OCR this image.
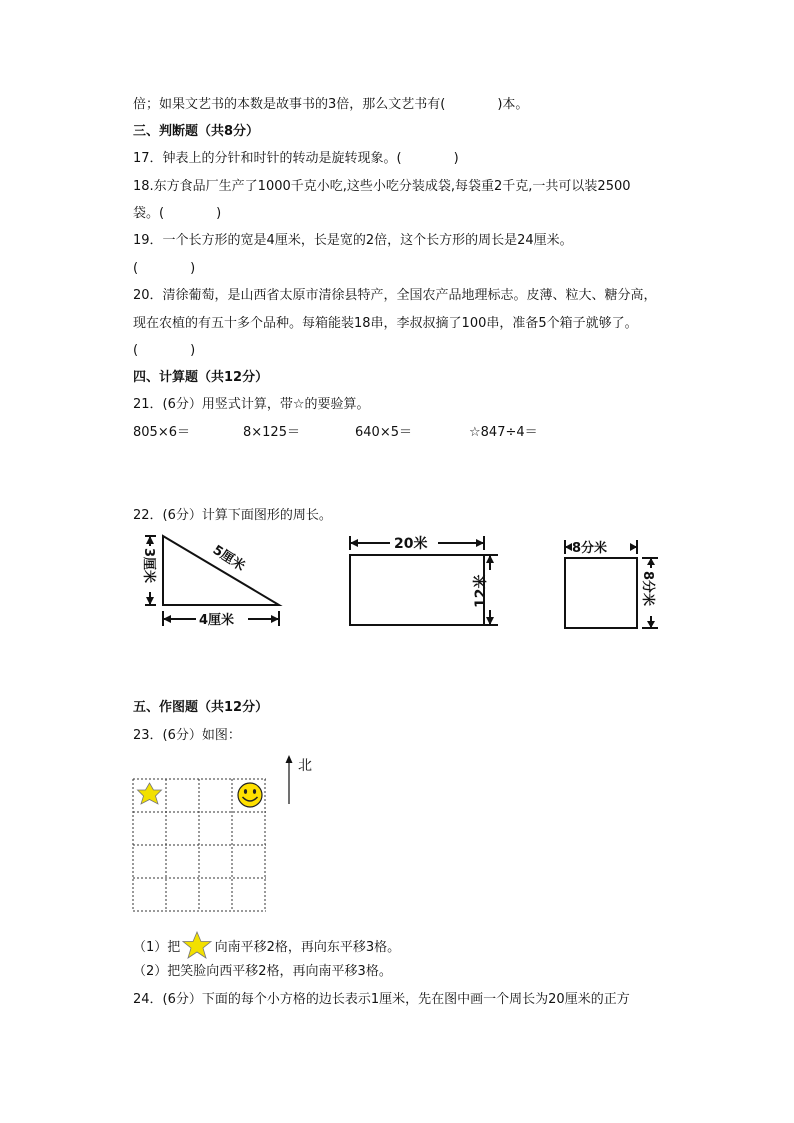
倍；如果文艺书的本数是故事书的3倍，那么文艺书有(　　　　)本。
三、判断题（共8分）
17．钟表上的分针和时针的转动是旋转现象。(　　　　)
18.东方食品厂生产了1000千克小吃,这些小吃分装成袋,每袋重2千克,一共可以装2500
袋。(　　　　)
19．一个长方形的宽是4厘米，长是宽的2倍，这个长方形的周长是24厘米。
(　　　　)
20．清徐葡萄，是山西省太原市清徐县特产，全国农产品地理标志。皮薄、粒大、糖分高，
现在农植的有五十多个品种。每箱能装18串，李叔叔摘了100串，准备5个箱子就够了。
(　　　　)
四、计算题（共12分）
21．(6分）用竖式计算，带☆的要验算。
805×6＝	8×125＝	640×5＝	☆847÷4＝
22．(6分）计算下面图形的周长。
3厘米	5厘米
4厘米
20米
12米
8分米
8分米
五、作图题（共12分）
23．(6分）如图：
北
（1）把	向南平移2格，再向东平移3格。
（2）把笑脸向西平移2格，再向南平移3格。
24．(6分）下面的每个小方格的边长表示1厘米，先在图中画一个周长为20厘米的正方
